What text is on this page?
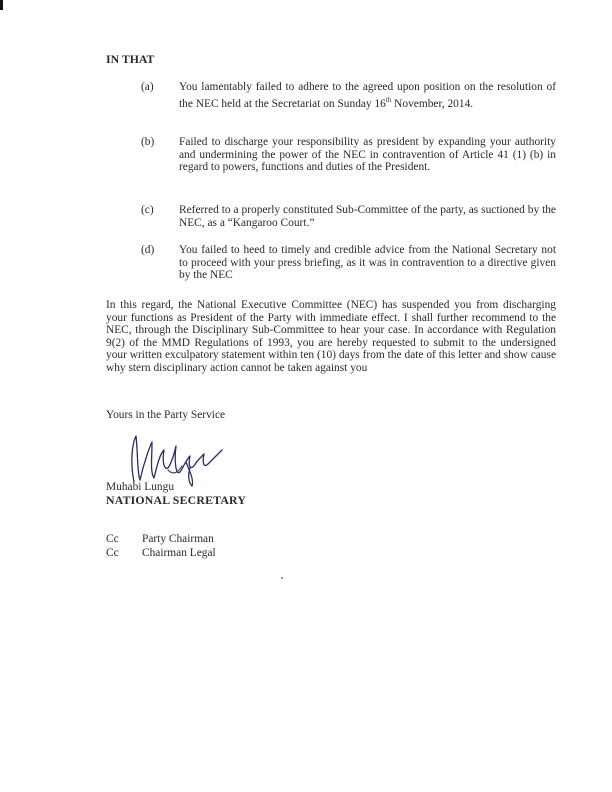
IN THAT
(a)	You lamentably failed to adhere to the agreed upon position on the resolution of the NEC held at the Secretariat on Sunday 16th November, 2014.
(b)	Failed to discharge your responsibility as president by expanding your authority and undermining the power of the NEC in contravention of Article 41 (1) (b) in regard to powers, functions and duties of the President.
(c)	Referred to a properly constituted Sub-Committee of the party, as suctioned by the NEC, as a “Kangaroo Court.”
(d)	You failed to heed to timely and credible advice from the National Secretary not to proceed with your press briefing, as it was in contravention to a directive given by the NEC
In this regard, the National Executive Committee (NEC) has suspended you from discharging your functions as President of the Party with immediate effect. I shall further recommend to the NEC, through the Disciplinary Sub-Committee to hear your case. In accordance with Regulation 9(2) of the MMD Regulations of 1993, you are hereby requested to submit to the undersigned your written exculpatory statement within ten (10) days from the date of this letter and show cause why stern disciplinary action cannot be taken against you
Yours in the Party Service
Muhabi Lungu
NATIONAL SECRETARY
Cc Party Chairman
Cc Chairman Legal
